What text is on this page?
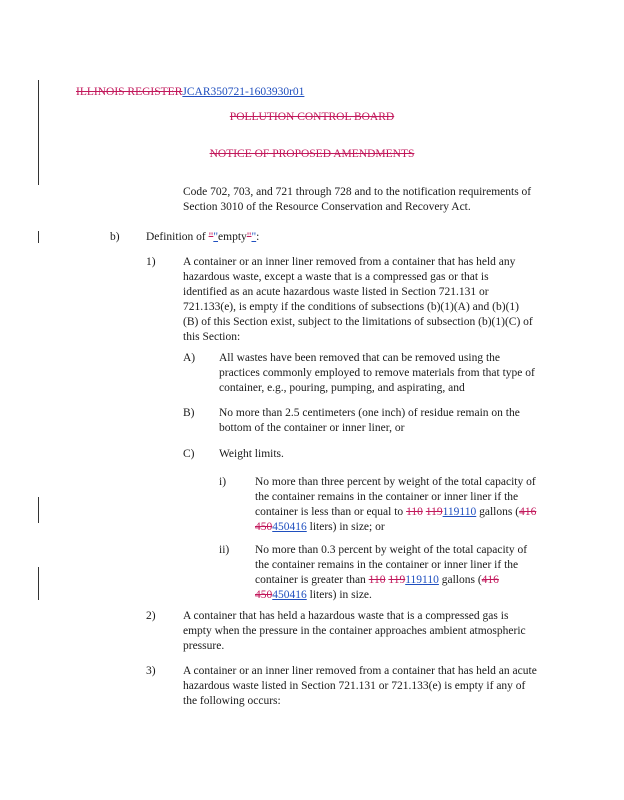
ILLINOIS REGISTERJCAR350721-1603930r01
POLLUTION CONTROL BOARD
NOTICE OF PROPOSED AMENDMENTS

Code 702, 703, and 721 through 728 and to the notification requirements of Section 3010 of the Resource Conservation and Recovery Act.

b) Definition of ""empty"":
1) A container or an inner liner removed from a container that has held any hazardous waste, except a waste that is a compressed gas or that is identified as an acute hazardous waste listed in Section 721.131 or 721.133(e), is empty if the conditions of subsections (b)(1)(A) and (b)(1)(B) of this Section exist, subject to the limitations of subsection (b)(1)(C) of this Section:

A) All wastes have been removed that can be removed using the practices commonly employed to remove materials from that type of container, e.g., pouring, pumping, and aspirating, and

B) No more than 2.5 centimeters (one inch) of residue remain on the bottom of the container or inner liner, or

C) Weight limits.

i)	No more than three percent by weight of the total capacity of the container remains in the container or inner liner if the container is less than or equal to 110 119119110 gallons (416 450450416 liters) in size; or

ii) No more than 0.3 percent by weight of the total capacity of the container remains in the container or inner liner if the container is greater than 110 119119110 gallons (416
450450416 liters) in size.

2) A container that has held a hazardous waste that is a compressed gas is empty when the pressure in the container approaches ambient atmospheric pressure.

3) A container or an inner liner removed from a container that has held an acute hazardous waste listed in Section 721.131 or 721.133(e) is empty if any of the following occurs:
